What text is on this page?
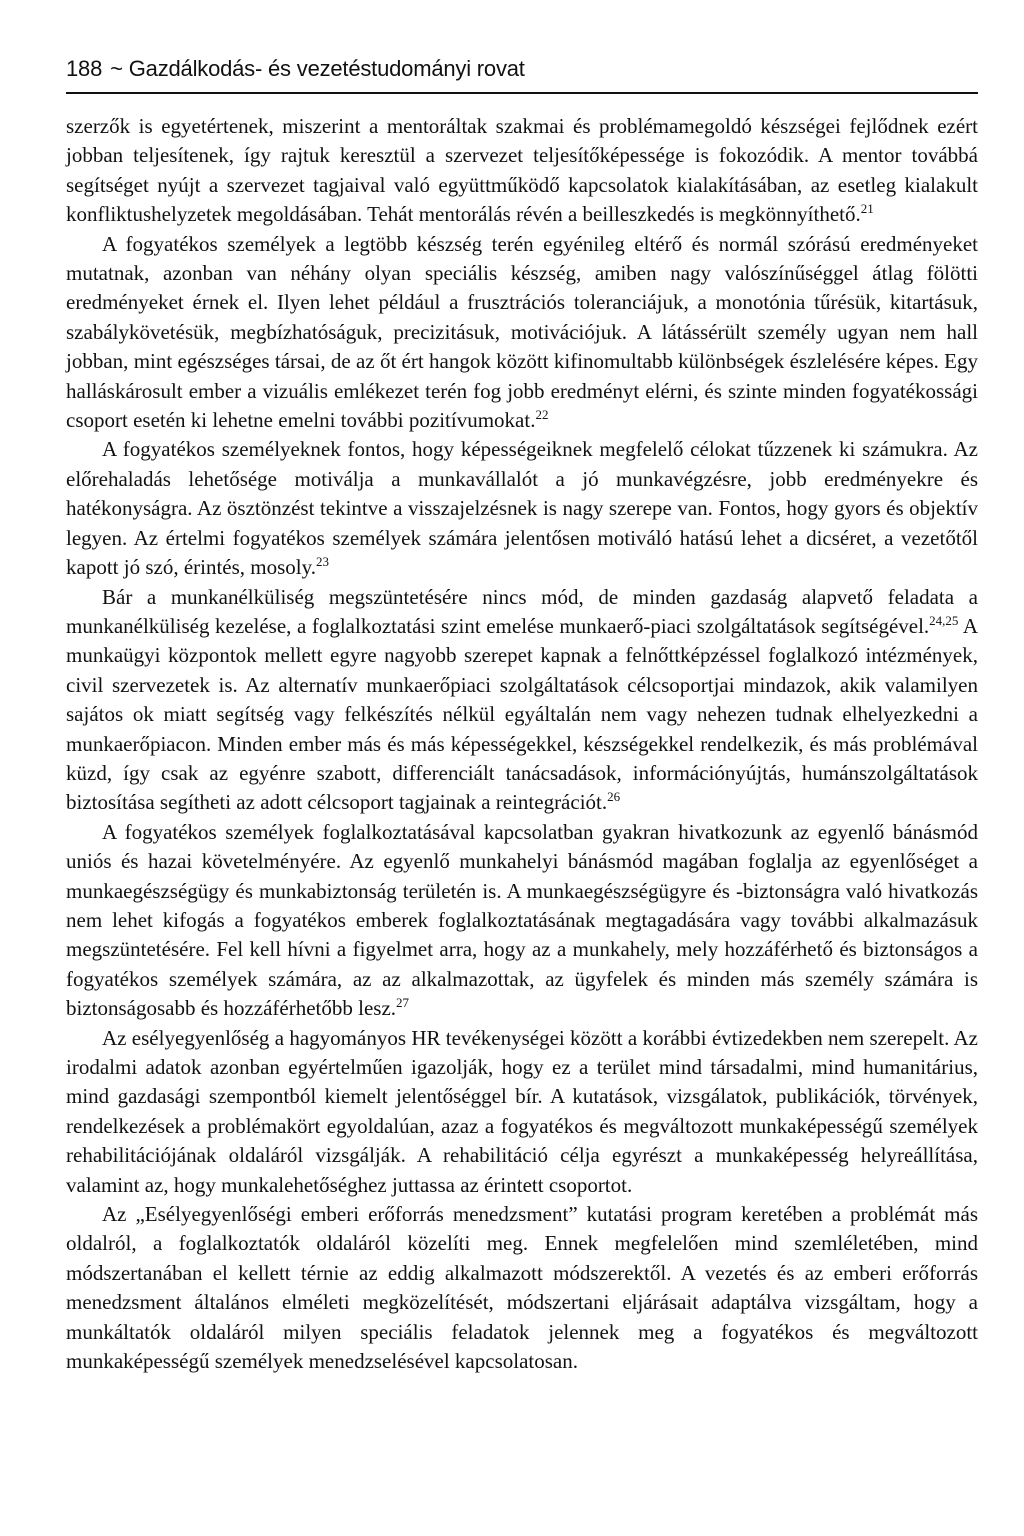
188 ~ Gazdálkodás- és vezetéstudományi rovat

szerzők is egyetértenek, miszerint a mentoráltak szakmai és problémamegoldó készségei fejlődnek ezért jobban teljesítenek, így rajtuk keresztül a szervezet teljesítőképessége is fokozódik. A mentor továbbá segítséget nyújt a szervezet tagjaival való együttműködő kapcsolatok kialakításában, az esetleg kialakult konfliktushelyzetek megoldásában. Tehát mentorálás révén a beilleszkedés is megkönnyíthető.$^{21}$

A fogyatékos személyek a legtöbb készség terén egyénileg eltérő és normál szórású eredményeket mutatnak, azonban van néhány olyan speciális készség, amiben nagy valószínűséggel átlag fölötti eredményeket érnek el. Ilyen lehet például a frusztrációs toleranciájuk, a monotónia tűrésük, kitartásuk, szabálykövetésük, megbízhatóságuk, precizitásuk, motivációjuk. A látássérült személy ugyan nem hall jobban, mint egészséges társai, de az őt ért hangok között kifinomultabb különbségek észlelésére képes. Egy halláskárosult ember a vizuális emlékezet terén fog jobb eredményt elérni, és szinte minden fogyatékossági csoport esetén ki lehetne emelni további pozitívumokat.$^{22}$

A fogyatékos személyeknek fontos, hogy képességeiknek megfelelő célokat tűzzenek ki számukra. Az előrehaladás lehetősége motiválja a munkavállalót a jó munkavégzésre, jobb eredményekre és hatékonyságra. Az ösztönzést tekintve a visszajelzésnek is nagy szerepe van. Fontos, hogy gyors és objektív legyen. Az értelmi fogyatékos személyek számára jelentősen motiváló hatású lehet a dicséret, a vezetőtől kapott jó szó, érintés, mosoly.$^{23}$

Bár a munkanélküliség megszüntetésére nincs mód, de minden gazdaság alapvető feladata a munkanélküliség kezelése, a foglalkoztatási szint emelése munkaerő-piaci szolgáltatások segítségével.$^{24,25}$ A munkaügyi központok mellett egyre nagyobb szerepet kapnak a felnőttképzéssel foglalkozó intézmények, civil szervezetek is. Az alternatív munkaerőpiaci szolgáltatások célcsoportjai mindazok, akik valamilyen sajátos ok miatt segítség vagy felkészítés nélkül egyáltalán nem vagy nehezen tudnak elhelyezkedni a munkaerőpiacon. Minden ember más és más képességekkel, készségekkel rendelkezik, és más problémával küzd, így csak az egyénre szabott, differenciált tanácsadások, információnyújtás, humánszolgáltatások biztosítása segítheti az adott célcsoport tagjainak a reintegrációt.$^{26}$

A fogyatékos személyek foglalkoztatásával kapcsolatban gyakran hivatkozunk az egyenlő bánásmód uniós és hazai követelményére. Az egyenlő munkahelyi bánásmód magában foglalja az egyenlőséget a munkaegészségügy és munkabiztonság területén is. A munkaegészségügyre és -biztonságra való hivatkozás nem lehet kifogás a fogyatékos emberek foglalkoztatásának megtagadására vagy további alkalmazásuk megszüntetésére. Fel kell hívni a figyelmet arra, hogy az a munkahely, mely hozzáférhető és biztonságos a fogyatékos személyek számára, az az alkalmazottak, az ügyfelek és minden más személy számára is biztonságosabb és hozzáférhetőbb lesz.$^{27}$

Az esélyegyenlőség a hagyományos HR tevékenységei között a korábbi évtizedekben nem szerepelt. Az irodalmi adatok azonban egyértelműen igazolják, hogy ez a terület mind társadalmi, mind humanitárius, mind gazdasági szempontból kiemelt jelentőséggel bír. A kutatások, vizsgálatok, publikációk, törvények, rendelkezések a problémakört egyoldalúan, azaz a fogyatékos és megváltozott munkaképességű személyek rehabilitációjának oldaláról vizsgálják. A rehabilitáció célja egyrészt a munkaképesség helyreállítása, valamint az, hogy munkalehetőséghez juttassa az érintett csoportot.

Az „Esélyegyenlőségi emberi erőforrás menedzsment” kutatási program keretében a problémát más oldalról, a foglalkoztatók oldaláról közelíti meg. Ennek megfelelően mind szemléletében, mind módszertanában el kellett térnie az eddig alkalmazott módszerektől. A vezetés és az emberi erőforrás menedzsment általános elméleti megközelítését, módszertani eljárásait adaptálva vizsgáltam, hogy a munkáltatók oldaláról milyen speciális feladatok jelennek meg a fogyatékos és megváltozott munkaképességű személyek menedzselésével kapcsolatosan.
